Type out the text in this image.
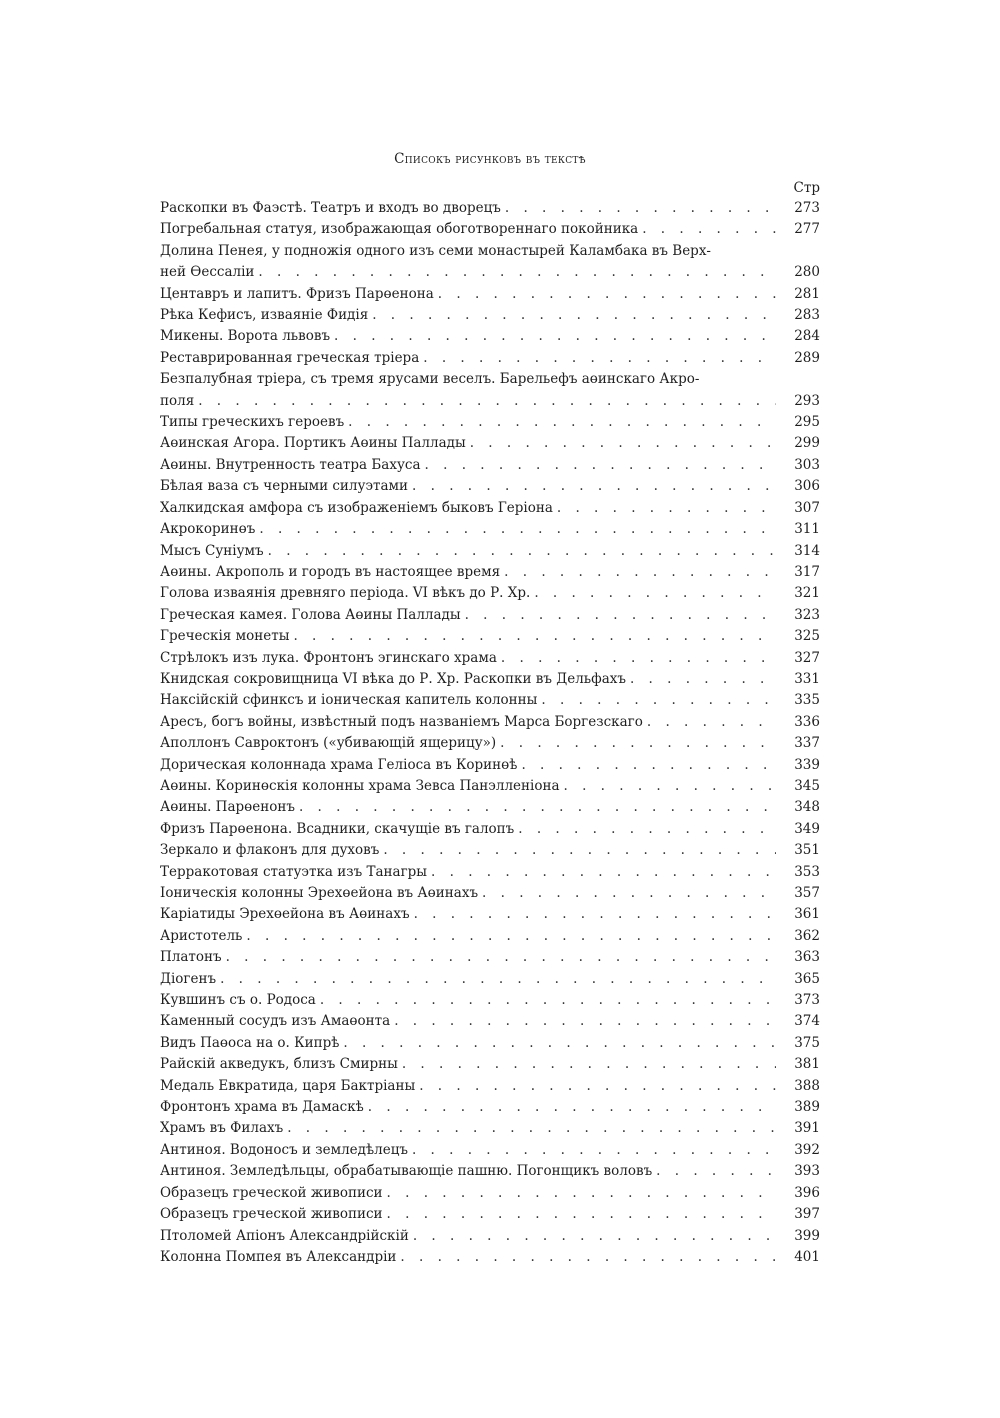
Списокъ рисунковъ въ текстѣ
Стр
Раскопки въ Фаэстѣ. Театръ и входъ во дворецъ . . .	273
Погребальная статуя, изображающая обоготвореннаго покойника . . .	277
Долина Пенея, у подножія одного изъ семи монастырей Каламбака въ Верх-
ней Өессаліи . . .	280
Центавръ и лапитъ. Фризъ Парөенона . . .	281
Рѣка Кефисъ, изваяніе Фидія . . .	283
Микены. Ворота львовъ . . .	284
Реставрированная греческая тріера . . .	289
Безпалубная тріера, съ тремя ярусами веселъ. Барельефъ аөинскаго Акро-
поля . . .	293
Типы греческихъ героевъ . . .	295
Аөинская Агора. Портикъ Аөины Паллады . . .	299
Аөины. Внутренность театра Бахуса . . .	303
Бѣлая ваза съ черными силуэтами . . .	306
Халкидская амфора съ изображеніемъ быковъ Геріона . . .	307
Акрокоринөъ . . .	311
Мысъ Суніумъ . . .	314
Аөины. Акрополь и городъ въ настоящее время . . .	317
Голова изваянія древняго періода. VI вѣкъ до Р. Хр. . . .	321
Греческая камея. Голова Аөины Паллады . . .	323
Греческія монеты . . .	325
Стрѣлокъ изъ лука. Фронтонъ эгинскаго храма . . .	327
Книдская сокровищница VI вѣка до Р. Хр. Раскопки въ Дельфахъ . . .	331
Наксійскій сфинксъ и іоническая капитель колонны . . .	335
Аресъ, богъ войны, извѣстный подъ названіемъ Марса Боргезскаго . . .	336
Аполлонъ Савроктонъ («убивающій ящерицу») . . .	337
Дорическая колоннада храма Геліоса въ Коринөѣ . . .	339
Аөины. Коринөскія колонны храма Зевса Панэлленіона . . .	345
Аөины. Парөенонъ . . .	348
Фризъ Парөенона. Всадники, скачущіе въ галопъ . . .	349
Зеркало и флаконъ для духовъ . . .	351
Терракотовая статуэтка изъ Танагры . . .	353
Іоническія колонны Эрехөейона въ Аөинахъ . . .	357
Каріатиды Эрехөейона въ Аөинахъ . . .	361
Аристотель . . .	362
Платонъ . . .	363
Діогенъ . . .	365
Кувшинъ съ о. Родоса . . .	373
Каменный сосудъ изъ Амаөонта . . .	374
Видъ Паөоса на о. Кипрѣ . . .	375
Райскій акведукъ, близъ Смирны . . .	381
Медаль Евкратида, царя Бактріаны . . .	388
Фронтонъ храма въ Дамаскѣ . . .	389
Храмъ въ Филахъ . . .	391
Антиноя. Водоносъ и земледѣлецъ . . .	392
Антиноя. Земледѣльцы, обрабатывающіе пашню. Погонщикъ воловъ . . .	393
Образецъ греческой живописи . . .	396
Образецъ греческой живописи . . .	397
Птоломей Апіонъ Александрійскій . . .	399
Колонна Помпея въ Александріи . . .	401
